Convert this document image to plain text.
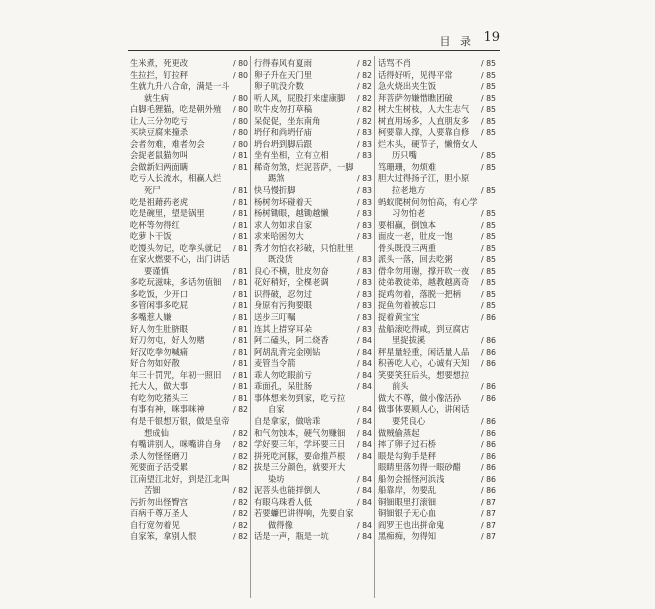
目 录 19
生米煮，死更改	/ 80
生拉拦，钉拉秤	/ 80
生就九升八合命，满是一斗
就生病	/ 80
白脚毛狸猫，吃是朝外殖 / 80
让人三分勿吃亏	/ 80
买块豆腐来撞杀	/ 80
会者勿难，难者勿会	/ 80
会捉老鼠猫勿叫	/ 81
会做新妇两面瞒	/ 81
吃亏人长流水，相赢人烂
死尸	/ 81
吃是祖藉药老虎	/ 81
吃是碗里，望是锅里	/ 81
吃杯等勿得红	/ 81
吃萝卜干饭	/ 81
吃馒头勿记，吃拳头就记 / 81
在家火燃要不心，出门讲话
要谨慎	/ 81
多吃玩滋味，多话勿值钿 / 81
多吃饭，少开口	/ 81
多管闲事多吃屁	/ 81
多嘴惹人嫌	/ 81
好人勿生肚脐眼	/ 81
好刀勿屯，好人勿赌	/ 81
好汉吃拳勿喊痛	/ 81
好合勿如好散	/ 81
年三十罚咒，年初一照旧 / 81
托大人，做大事	/ 81
有吃勿吃猪头三	/ 81
有事有神，咪事咪神	/ 82
有是千银想万银，做是皇帝
想成仙	/ 82
有嘴讲别人，咪嘴讲自身 / 82
杀人勿怪怪磨刀	/ 82
死要面子活受累	/ 82
江南望江北好，到是江北叫
苦钿	/ 82
污折勿出怪臀宫	/ 82
百病千尊万圣人	/ 82
自行宽勿着见	/ 82
自家笨，拿别人恨	/ 82
行得春风有夏雨	/ 82
卵子升在天门里	/ 82
卵子吭没介数	/ 82
听人风，屁股打来虚康脚 / 82
吹牛皮勿打草稿	/ 82
呆促促，坐东南角	/ 82
坍仔和尚坍仔庙	/ 83
坍台坍到脚后跟	/ 83
坐有坐相，立有立相	/ 83
稀奇勿煞，烂泥菩萨，一脚
踢煞	/ 83
快马慢折脚	/ 83
杨树勿坏碰着天	/ 83
杨树锄眼，越锄越懒	/ 83
求人勿如求自家	/ 83
求来哈困勿大	/ 83
秀才勿怕衣衫破，只怕肚里
既没货	/ 83
良心不横，肚皮勿奋	/ 83
花好稍好，全棵老调	/ 83
识得破，忍勿过	/ 83
身原有污狗要眼	/ 83
送步三叮嘱	/ 83
连其上措穿耳朵	/ 83
阿二磕头，阿二烧香	/ 84
阿胡乱背完金刚钻	/ 84
麦管当令箭	/ 84
乖人勿吃眼前亏	/ 84
乖面孔，呆肚肠	/ 84
事体想来勿到家，吃亏拉
自家	/ 84
自是拿家，做啥乖	/ 84
和气勿蚀本，硬气勿赚钿 / 84
学好要三年，学坏要三日 / 84
拼死吃河豚，要命推芦根 / 84
拔是三分颜色，就要开大
染坊	/ 84
泥菩头也能拌倒人	/ 84
有眼乌珠看人低	/ 84
若要蠊巴讲得响，先要自家
做得像	/ 84
话是一声，瓶是一坑	/ 84
话骂不肖	/ 85
话得好听，见得平常	/ 85
急火烧出夹生饭	/ 85
拜菩萨勿嫌惜瞧团破	/ 85
树大生树枝，人大生志气 / 85
树直用场多，人直朋友多 / 85
柯要靠人撑，人要靠自修 / 85
烂木头，硬节子，懒惰女人
历只嘴	/ 85
笃珊珊，勿烦难	/ 85
胆大过得扬子江，胆小原
拉老地方	/ 85
蚂蚁爬树何勿怕高，有心学
习勿怕老	/ 85
要相赢，倒蚀本	/ 85
面皮一老，肚皮一饱	/ 85
骨头既没三两重	/ 85
派头一落，回去吃粥	/ 85
借伞勿用谢，撑开吹一夜 / 85
徒弟教徒弟，越教越离奇 / 85
捉鸡勿着，落脱一把柄	/ 85
捉鱼勿着被忘口	/ 85
捉着黄宝宝	/ 86
盐船滚吃得咸，到豆腐店
里捉拔溪	/ 86
秤星量轻重，闲话量人品 / 86
积善吃人心，心诚有天知 / 86
笑要笑狂后头，想要想拉
前头	/ 86
做大不尊，做小像活孙	/ 86
做事体要顾人心，讲闲话
要凭良心	/ 86
做贼偷蒸起	/ 86
摔了卵子过石桥	/ 86
眼是勾狗手是秤	/ 86
眼睛里落勿得一眼砂醋	/ 86
船勿会摇怪河浜浅	/ 86
船靠岸，勿要乱	/ 86
铜钿眼里打滚钿	/ 87
铜钿银子无心血	/ 87
阎罗王也出拼命鬼	/ 87
黑痴痴，勿得知	/ 87
